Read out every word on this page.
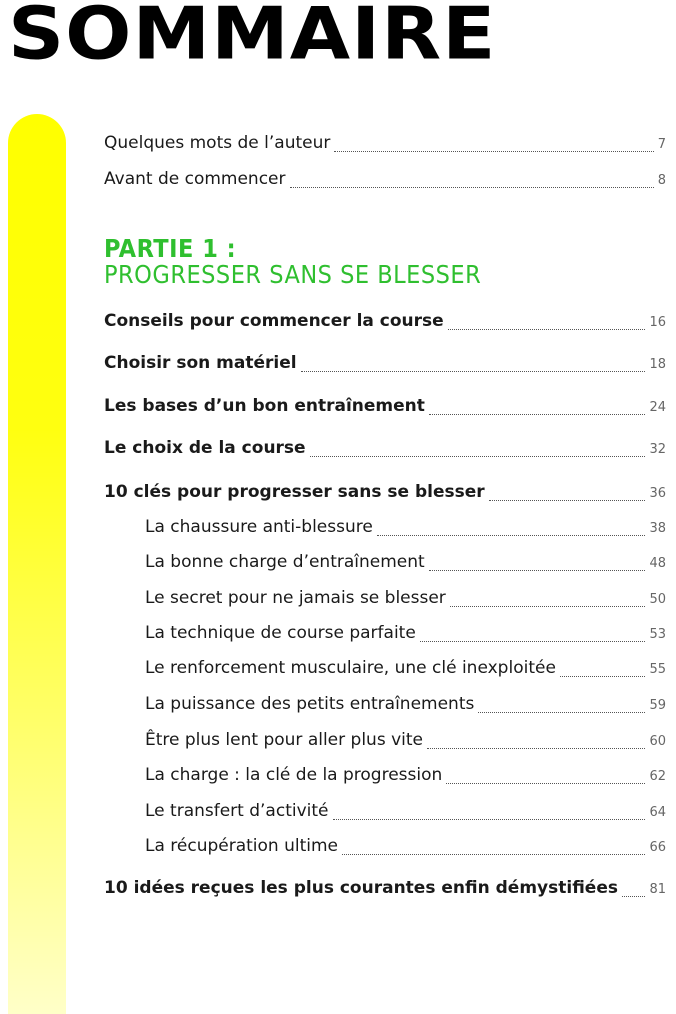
SOMMAIRE
Quelques mots de l’auteur	7
Avant de commencer	8
PARTIE 1 :
PROGRESSER SANS SE BLESSER
Conseils pour commencer la course	16
Choisir son matériel	18
Les bases d’un bon entraînement	24
Le choix de la course	32
10 clés pour progresser sans se blesser	36
La chaussure anti-blessure	38
La bonne charge d’entraînement	48
Le secret pour ne jamais se blesser	50
La technique de course parfaite	53
Le renforcement musculaire, une clé inexploitée	55
La puissance des petits entraînements	59
Être plus lent pour aller plus vite	60
La charge : la clé de la progression	62
Le transfert d’activité	64
La récupération ultime	66
10 idées reçues les plus courantes enfin démystifiées 81
